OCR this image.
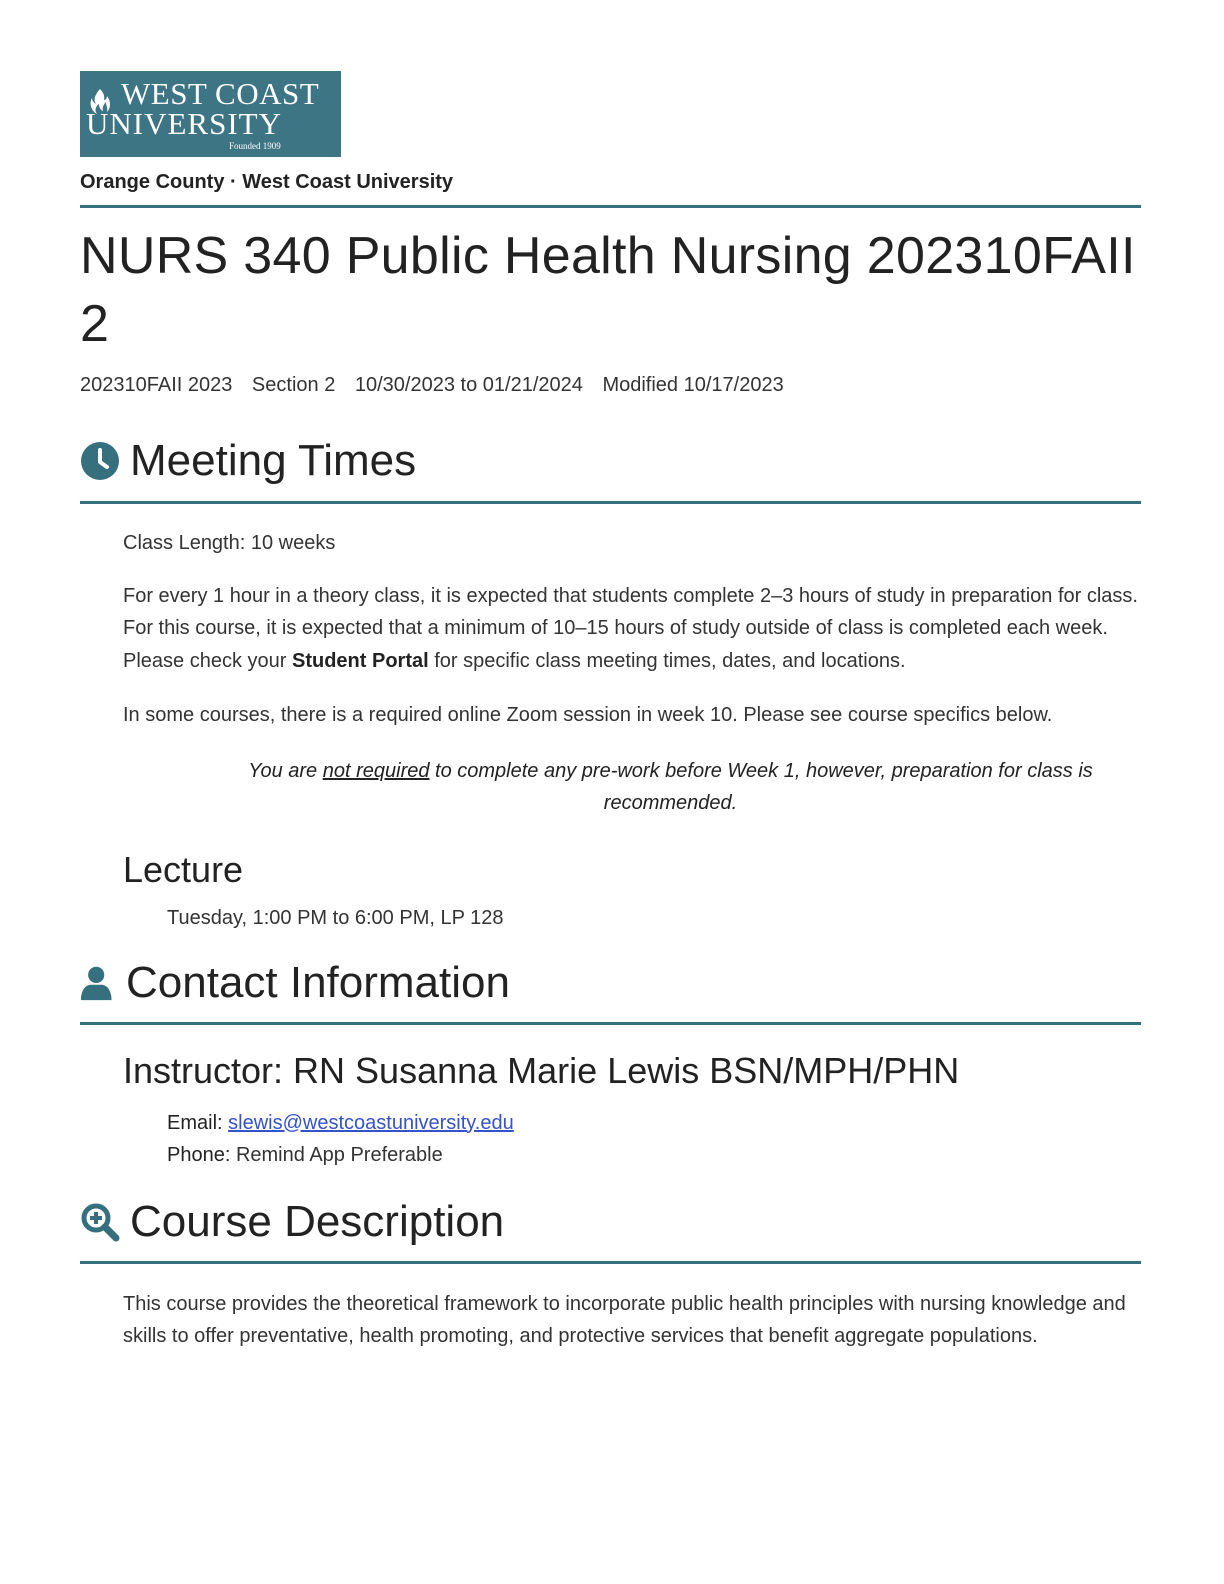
WEST COAST
UNIVERSITY
Founded 1909
Orange County · West Coast University
NURS 340 Public Health Nursing 202310FAII 2
202310FAII 2023 Section 2 10/30/2023 to 01/21/2024 Modified 10/17/2023
Meeting Times
Class Length: 10 weeks
For every 1 hour in a theory class, it is expected that students complete 2–3 hours of study in preparation for class. For this course, it is expected that a minimum of 10–15 hours of study outside of class is completed each week. Please check your Student Portal for specific class meeting times, dates, and locations.
In some courses, there is a required online Zoom session in week 10. Please see course specifics below.
You are not required to complete any pre-work before Week 1, however, preparation for class is recommended.
Lecture
Tuesday, 1:00 PM to 6:00 PM, LP 128
Contact Information
Instructor: RN Susanna Marie Lewis BSN/MPH/PHN
Email: slewis@westcoastuniversity.edu
Phone: Remind App Preferable
Course Description
This course provides the theoretical framework to incorporate public health principles with nursing knowledge and skills to offer preventative, health promoting, and protective services that benefit aggregate populations.
